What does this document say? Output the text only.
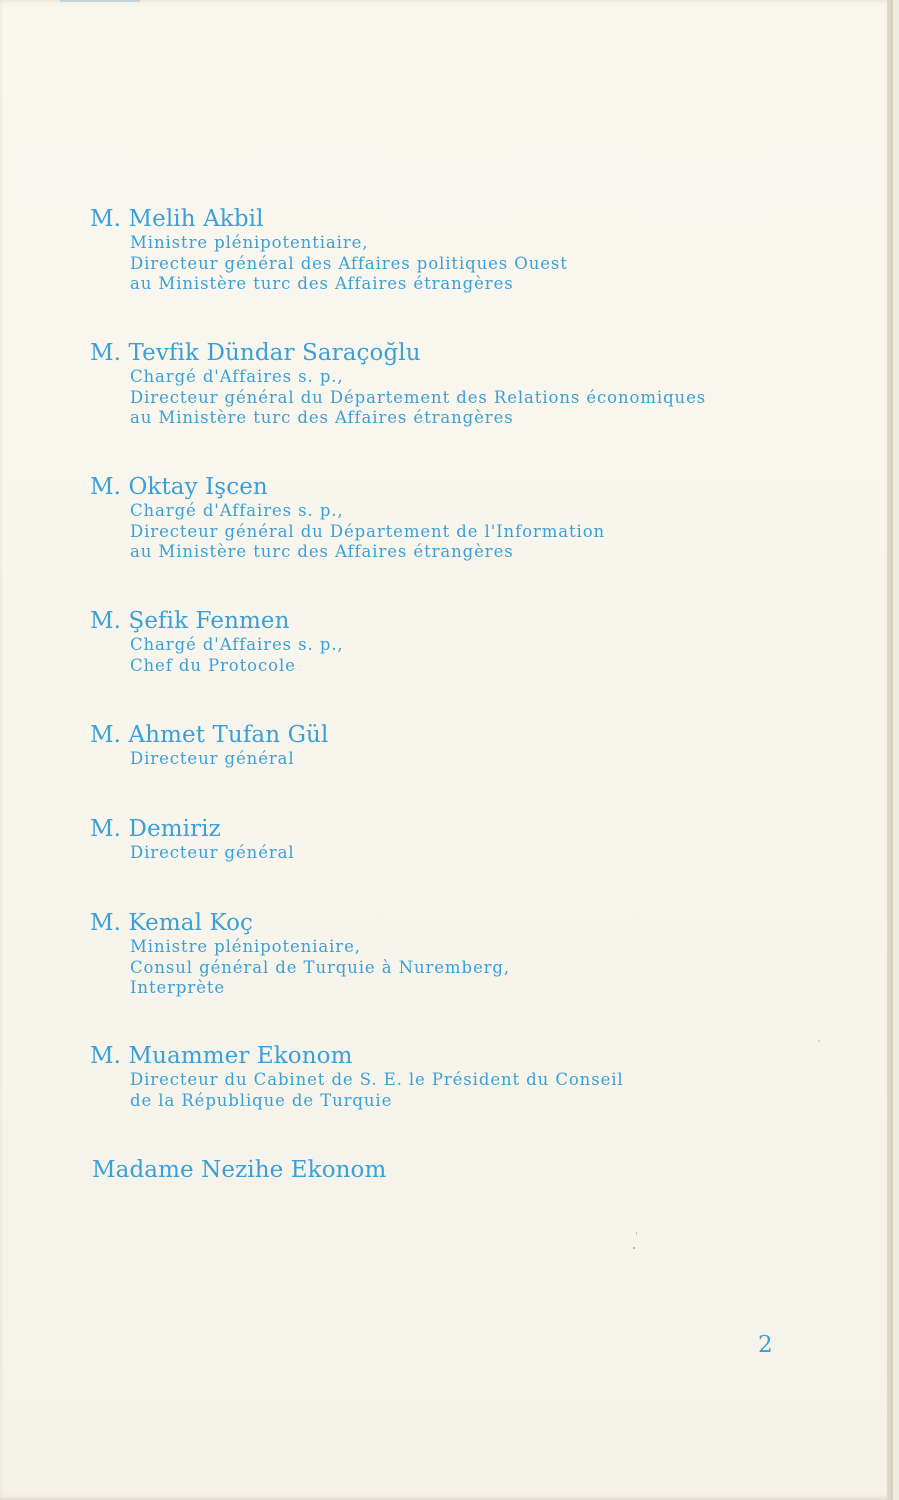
M. Melih Akbil
Ministre plénipotentiaire,
Directeur général des Affaires politiques Ouest
au Ministère turc des Affaires étrangères
M. Tevfik Dündar Saraçoğlu
Chargé d'Affaires s. p.,
Directeur général du Département des Relations économiques
au Ministère turc des Affaires étrangères
M. Oktay Işcen
Chargé d'Affaires s. p.,
Directeur général du Département de l'Information
au Ministère turc des Affaires étrangères
M. Şefik Fenmen
Chargé d'Affaires s. p.,
Chef du Protocole
M. Ahmet Tufan Gül
Directeur général
M. Demiriz
Directeur général
M. Kemal Koç
Ministre plénipoteniaire,
Consul général de Turquie à Nuremberg,
Interprète
M. Muammer Ekonom
Directeur du Cabinet de S. E. le Président du Conseil
de la République de Turquie
Madame Nezihe Ekonom
2
